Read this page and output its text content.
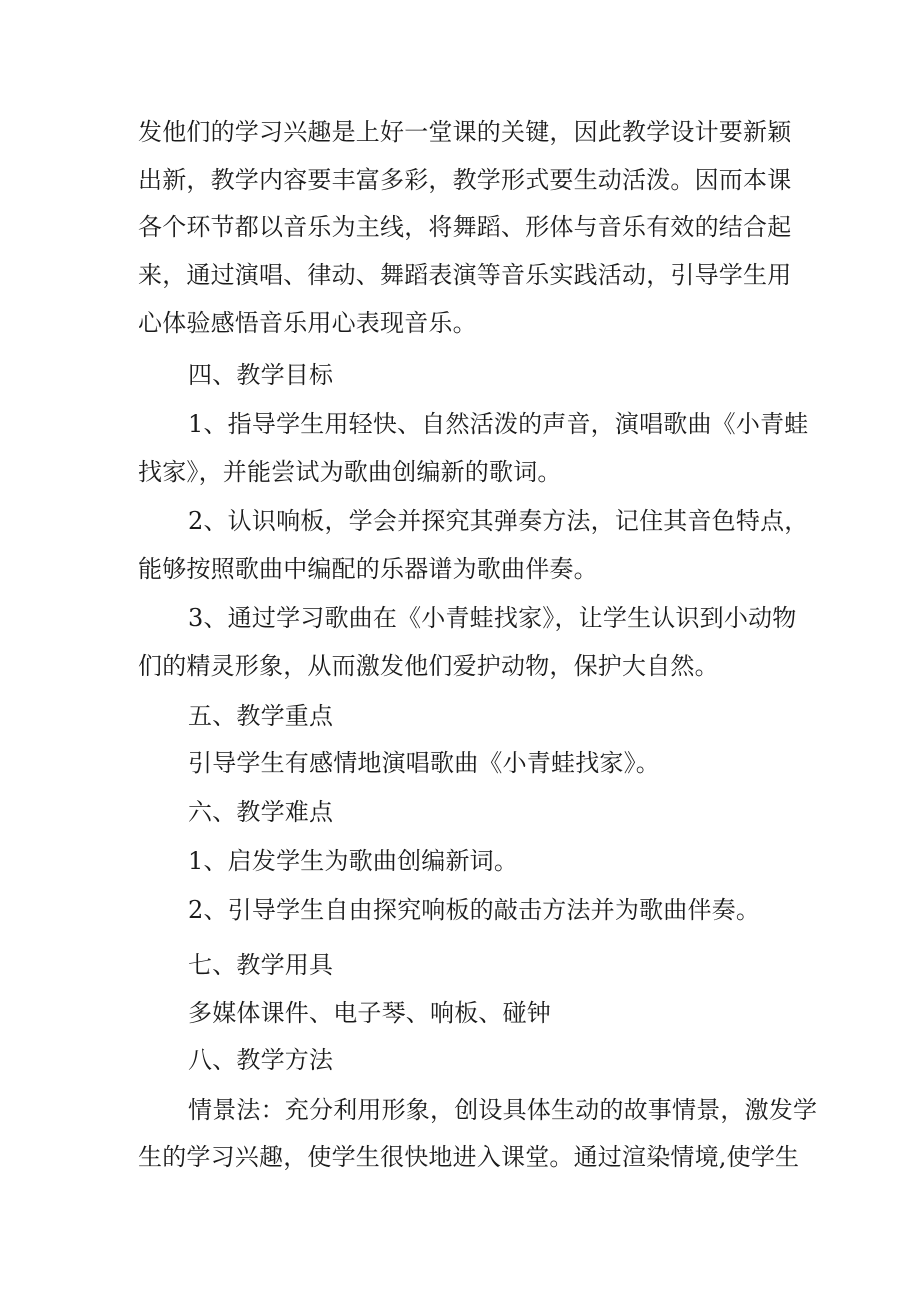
发他们的学习兴趣是上好一堂课的关键，因此教学设计要新颖
出新，教学内容要丰富多彩，教学形式要生动活泼。因而本课
各个环节都以音乐为主线，将舞蹈、形体与音乐有效的结合起
来，通过演唱、律动、舞蹈表演等音乐实践活动，引导学生用
心体验感悟音乐用心表现音乐。
四、教学目标
1、指导学生用轻快、自然活泼的声音，演唱歌曲《小青蛙
找家》，并能尝试为歌曲创编新的歌词。
2、认识响板，学会并探究其弹奏方法，记住其音色特点，
能够按照歌曲中编配的乐器谱为歌曲伴奏。
3、通过学习歌曲在《小青蛙找家》，让学生认识到小动物
们的精灵形象，从而激发他们爱护动物，保护大自然。
五、教学重点
引导学生有感情地演唱歌曲《小青蛙找家》。
六、教学难点
1、启发学生为歌曲创编新词。
2、引导学生自由探究响板的敲击方法并为歌曲伴奏。
七、教学用具
多媒体课件、电子琴、响板、碰钟
八、教学方法
情景法：充分利用形象，创设具体生动的故事情景，激发学
生的学习兴趣，使学生很快地进入课堂。通过渲染情境,使学生
